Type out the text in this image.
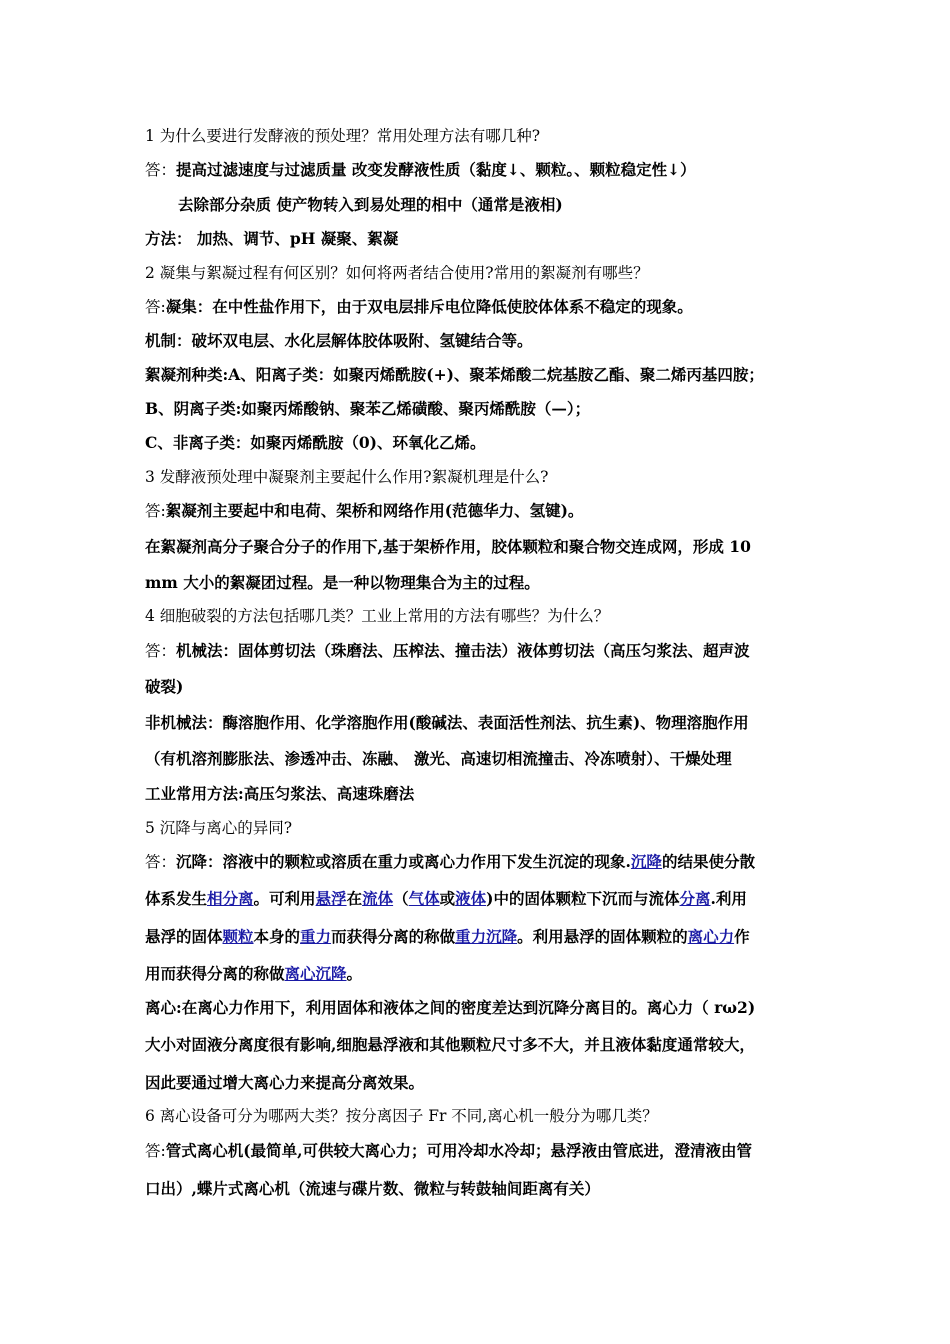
1 为什么要进行发酵液的预处理？常用处理方法有哪几种?
答：提高过滤速度与过滤质量 改变发酵液性质（黏度↓、颗粒。、颗粒稳定性↓）
去除部分杂质 使产物转入到易处理的相中（通常是液相)
方法： 加热、调节、pH 凝聚、絮凝
2 凝集与絮凝过程有何区别？如何将两者结合使用?常用的絮凝剂有哪些？
答:凝集：在中性盐作用下，由于双电层排斥电位降低使胶体体系不稳定的现象。
机制：破坏双电层、水化层解体胶体吸附、氢键结合等。
絮凝剂种类:A、阳离子类：如聚丙烯酰胺(+)、聚苯烯酸二烷基胺乙酯、聚二烯丙基四胺；
B、阴离子类:如聚丙烯酸钠、聚苯乙烯磺酸、聚丙烯酰胺（—）；
C、非离子类：如聚丙烯酰胺（0)、环氧化乙烯。
3 发酵液预处理中凝聚剂主要起什么作用?絮凝机理是什么?
答:絮凝剂主要起中和电荷、架桥和网络作用(范德华力、氢键)。
在絮凝剂高分子聚合分子的作用下,基于架桥作用，胶体颗粒和聚合物交连成网，形成 10
mm 大小的絮凝团过程。是一种以物理集合为主的过程。
4 细胞破裂的方法包括哪几类？工业上常用的方法有哪些？为什么？
答：机械法：固体剪切法（珠磨法、压榨法、撞击法）液体剪切法（高压匀浆法、超声波
破裂)
非机械法：酶溶胞作用、化学溶胞作用(酸碱法、表面活性剂法、抗生素)、物理溶胞作用
（有机溶剂膨胀法、渗透冲击、冻融、 激光、高速切相流撞击、冷冻喷射）、干燥处理
工业常用方法:高压匀浆法、高速珠磨法
5 沉降与离心的异同?
答：沉降：溶液中的颗粒或溶质在重力或离心力作用下发生沉淀的现象.沉降的结果使分散
体系发生相分离。可利用悬浮在流体（气体或液体)中的固体颗粒下沉而与流体分离.利用
悬浮的固体颗粒本身的重力而获得分离的称做重力沉降。利用悬浮的固体颗粒的离心力作
用而获得分离的称做离心沉降。
离心:在离心力作用下，利用固体和液体之间的密度差达到沉降分离目的。离心力（ rω2)
大小对固液分离度很有影响,细胞悬浮液和其他颗粒尺寸多不大，并且液体黏度通常较大，
因此要通过增大离心力来提高分离效果。
6 离心设备可分为哪两大类？按分离因子 Fr 不同,离心机一般分为哪几类？
答:管式离心机(最简单,可供较大离心力；可用冷却水冷却；悬浮液由管底进，澄清液由管
口出）,蝶片式离心机（流速与碟片数、微粒与转鼓轴间距离有关）
